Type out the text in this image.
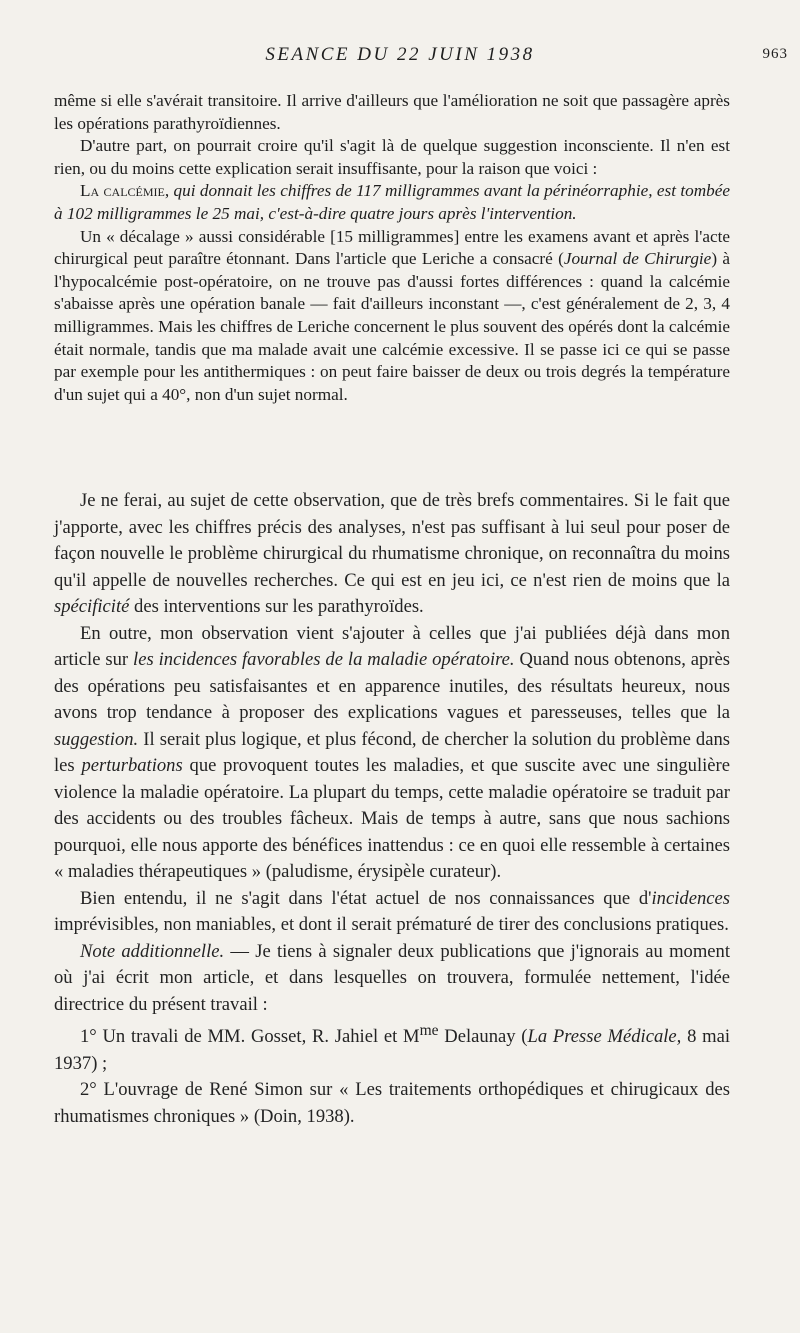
SEANCE DU 22 JUIN 1938	963

même si elle s'avérait transitoire. Il arrive d'ailleurs que l'amélioration ne soit que passagère après les opérations parathyroïdiennes.

D'autre part, on pourrait croire qu'il s'agit là de quelque suggestion inconsciente. Il n'en est rien, ou du moins cette explication serait insuffisante, pour la raison que voici :

La calcémie, qui donnait les chiffres de 117 milligrammes avant la périnéorraphie, est tombée à 102 milligrammes le 25 mai, c'est-à-dire quatre jours après l'intervention.

Un « décalage » aussi considérable [15 milligrammes] entre les examens avant et après l'acte chirurgical peut paraître étonnant. Dans l'article que Leriche a consacré (Journal de Chirurgie) à l'hypocalcémie post-opératoire, on ne trouve pas d'aussi fortes différences : quand la calcémie s'abaisse après une opération banale — fait d'ailleurs inconstant —, c'est généralement de 2, 3, 4 milligrammes. Mais les chiffres de Leriche concernent le plus souvent des opérés dont la calcémie était normale, tandis que ma malade avait une calcémie excessive. Il se passe ici ce qui se passe par exemple pour les antithermiques : on peut faire baisser de deux ou trois degrés la température d'un sujet qui a 40°, non d'un sujet normal.

Je ne ferai, au sujet de cette observation, que de très brefs commentaires. Si le fait que j'apporte, avec les chiffres précis des analyses, n'est pas suffisant à lui seul pour poser de façon nouvelle le problème chirurgical du rhumatisme chronique, on reconnaîtra du moins qu'il appelle de nouvelles recherches. Ce qui est en jeu ici, ce n'est rien de moins que la spécificité des interventions sur les parathyroïdes.

En outre, mon observation vient s'ajouter à celles que j'ai publiées déjà dans mon article sur les incidences favorables de la maladie opératoire. Quand nous obtenons, après des opérations peu satisfaisantes et en apparence inutiles, des résultats heureux, nous avons trop tendance à proposer des explications vagues et paresseuses, telles que la suggestion. Il serait plus logique, et plus fécond, de chercher la solution du problème dans les perturbations que provoquent toutes les maladies, et que suscite avec une singulière violence la maladie opératoire. La plupart du temps, cette maladie opératoire se traduit par des accidents ou des troubles fâcheux. Mais de temps à autre, sans que nous sachions pourquoi, elle nous apporte des bénéfices inattendus : ce en quoi elle ressemble à certaines « maladies thérapeutiques » (paludisme, érysipèle curateur).

Bien entendu, il ne s'agit dans l'état actuel de nos connaissances que d'incidences imprévisibles, non maniables, et dont il serait prématuré de tirer des conclusions pratiques.

Note additionnelle. — Je tiens à signaler deux publications que j'ignorais au moment où j'ai écrit mon article, et dans lesquelles on trouvera, formulée nettement, l'idée directrice du présent travail :

1° Un travali de MM. Gosset, R. Jahiel et $M^{me}$ Delaunay (La Presse Médicale, 8 mai 1937) ;

2° L'ouvrage de René Simon sur « Les traitements orthopédiques et chirugicaux des rhumatismes chroniques » (Doin, 1938).
